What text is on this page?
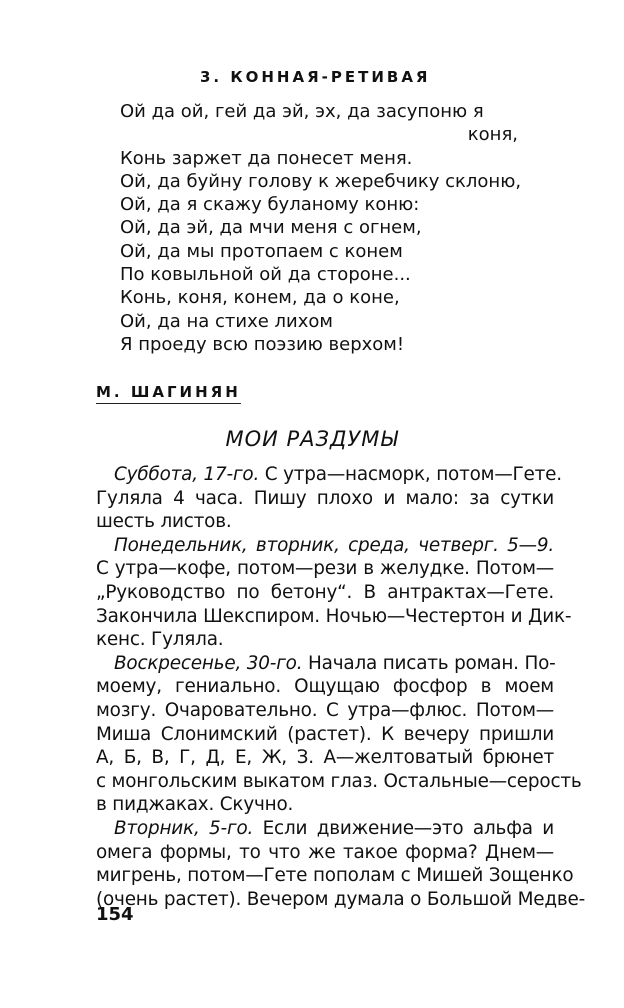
3. КОННАЯ-РЕТИВАЯ
Ой да ой, гей да эй, эх, да засупоню я
коня,
Конь заржет да понесет меня.
Ой, да буйну голову к жеребчику склоню,
Ой, да я скажу буланому коню:
Ой, да эй, да мчи меня с огнем,
Ой, да мы протопаем с конем
По ковыльной ой да стороне...
Конь, коня, конем, да о коне,
Ой, да на стихе лихом
Я проеду всю поэзию верхом!
М. ШАГИНЯН
МОИ РАЗДУМЫ
Суббота, 17-го. С утра—насморк, потом—Гете.
Гуляла 4 часа. Пишу плохо и мало: за сутки
шесть листов.
Понедельник, вторник, среда, четверг. 5—9.
С утра—кофе, потом—рези в желудке. Потом—
„Руководство по бетону“. В антрактах—Гете.
Закончила Шекспиром. Ночью—Честертон и Дик-
кенс. Гуляла.
Воскресенье, 30-го. Начала писать роман. По-
моему, гениально. Ощущаю фосфор в моем
мозгу. Очаровательно. С утра—флюс. Потом—
Миша Слонимский (растет). К вечеру пришли
А, Б, В, Г, Д, Е, Ж, З. А—желтоватый брюнет
с монгольским выкатом глаз. Остальные—серость
в пиджаках. Скучно.
Вторник, 5-го. Если движение—это альфа и
омега формы, то что же такое форма? Днем—
мигрень, потом—Гете пополам с Мишей Зощенко
(очень растет). Вечером думала о Большой Медве-
154
